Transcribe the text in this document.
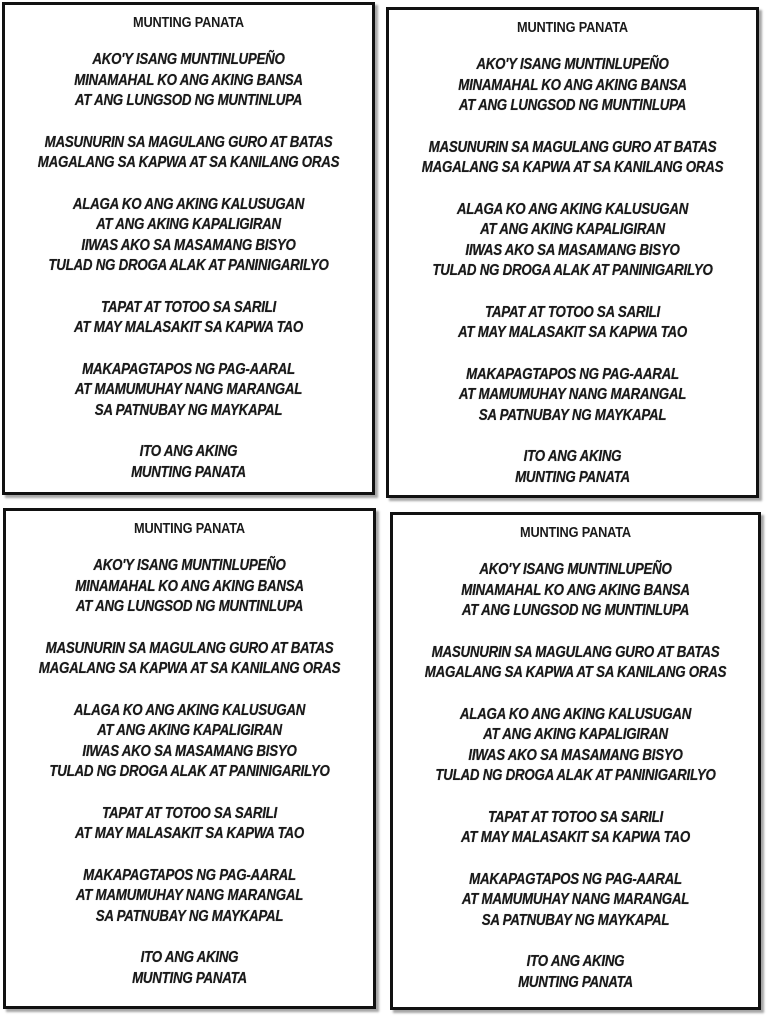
MUNTING PANATA
AKO'Y ISANG MUNTINLUPEÑO
MINAMAHAL KO ANG AKING BANSA
AT ANG LUNGSOD NG MUNTINLUPA
MASUNURIN SA MAGULANG GURO AT BATAS
MAGALANG SA KAPWA AT SA KANILANG ORAS
ALAGA KO ANG AKING KALUSUGAN
AT ANG AKING KAPALIGIRAN
IIWAS AKO SA MASAMANG BISYO
TULAD NG DROGA ALAK AT PANINIGARILYO
TAPAT AT TOTOO SA SARILI
AT MAY MALASAKIT SA KAPWA TAO
MAKAPAGTAPOS NG PAG-AARAL
AT MAMUMUHAY NANG MARANGAL
SA PATNUBAY NG MAYKAPAL
ITO ANG AKING
MUNTING PANATA
MUNTING PANATA
AKO'Y ISANG MUNTINLUPEÑO
MINAMAHAL KO ANG AKING BANSA
AT ANG LUNGSOD NG MUNTINLUPA
MASUNURIN SA MAGULANG GURO AT BATAS
MAGALANG SA KAPWA AT SA KANILANG ORAS
ALAGA KO ANG AKING KALUSUGAN
AT ANG AKING KAPALIGIRAN
IIWAS AKO SA MASAMANG BISYO
TULAD NG DROGA ALAK AT PANINIGARILYO
TAPAT AT TOTOO SA SARILI
AT MAY MALASAKIT SA KAPWA TAO
MAKAPAGTAPOS NG PAG-AARAL
AT MAMUMUHAY NANG MARANGAL
SA PATNUBAY NG MAYKAPAL
ITO ANG AKING
MUNTING PANATA
MUNTING PANATA
AKO'Y ISANG MUNTINLUPEÑO
MINAMAHAL KO ANG AKING BANSA
AT ANG LUNGSOD NG MUNTINLUPA
MASUNURIN SA MAGULANG GURO AT BATAS
MAGALANG SA KAPWA AT SA KANILANG ORAS
ALAGA KO ANG AKING KALUSUGAN
AT ANG AKING KAPALIGIRAN
IIWAS AKO SA MASAMANG BISYO
TULAD NG DROGA ALAK AT PANINIGARILYO
TAPAT AT TOTOO SA SARILI
AT MAY MALASAKIT SA KAPWA TAO
MAKAPAGTAPOS NG PAG-AARAL
AT MAMUMUHAY NANG MARANGAL
SA PATNUBAY NG MAYKAPAL
ITO ANG AKING
MUNTING PANATA
MUNTING PANATA
AKO'Y ISANG MUNTINLUPEÑO
MINAMAHAL KO ANG AKING BANSA
AT ANG LUNGSOD NG MUNTINLUPA
MASUNURIN SA MAGULANG GURO AT BATAS
MAGALANG SA KAPWA AT SA KANILANG ORAS
ALAGA KO ANG AKING KALUSUGAN
AT ANG AKING KAPALIGIRAN
IIWAS AKO SA MASAMANG BISYO
TULAD NG DROGA ALAK AT PANINIGARILYO
TAPAT AT TOTOO SA SARILI
AT MAY MALASAKIT SA KAPWA TAO
MAKAPAGTAPOS NG PAG-AARAL
AT MAMUMUHAY NANG MARANGAL
SA PATNUBAY NG MAYKAPAL
ITO ANG AKING
MUNTING PANATA
